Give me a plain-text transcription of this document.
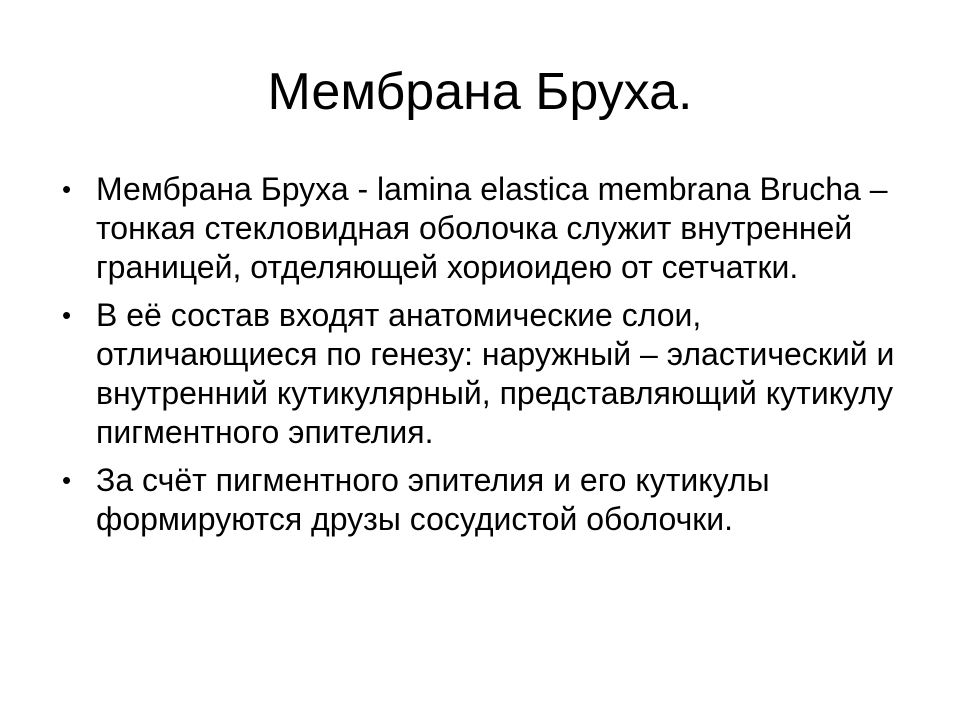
Мембрана Бруха.
• Мембрана Бруха - lamina elastica membrana Brucha – тонкая стекловидная оболочка служит внутренней границей, отделяющей хориоидею от сетчатки.
• В её состав входят анатомические слои, отличающиеся по генезу: наружный – эластический и внутренний кутикулярный, представляющий кутикулу пигментного эпителия.
• За счёт пигментного эпителия и его кутикулы формируются друзы сосудистой оболочки.
